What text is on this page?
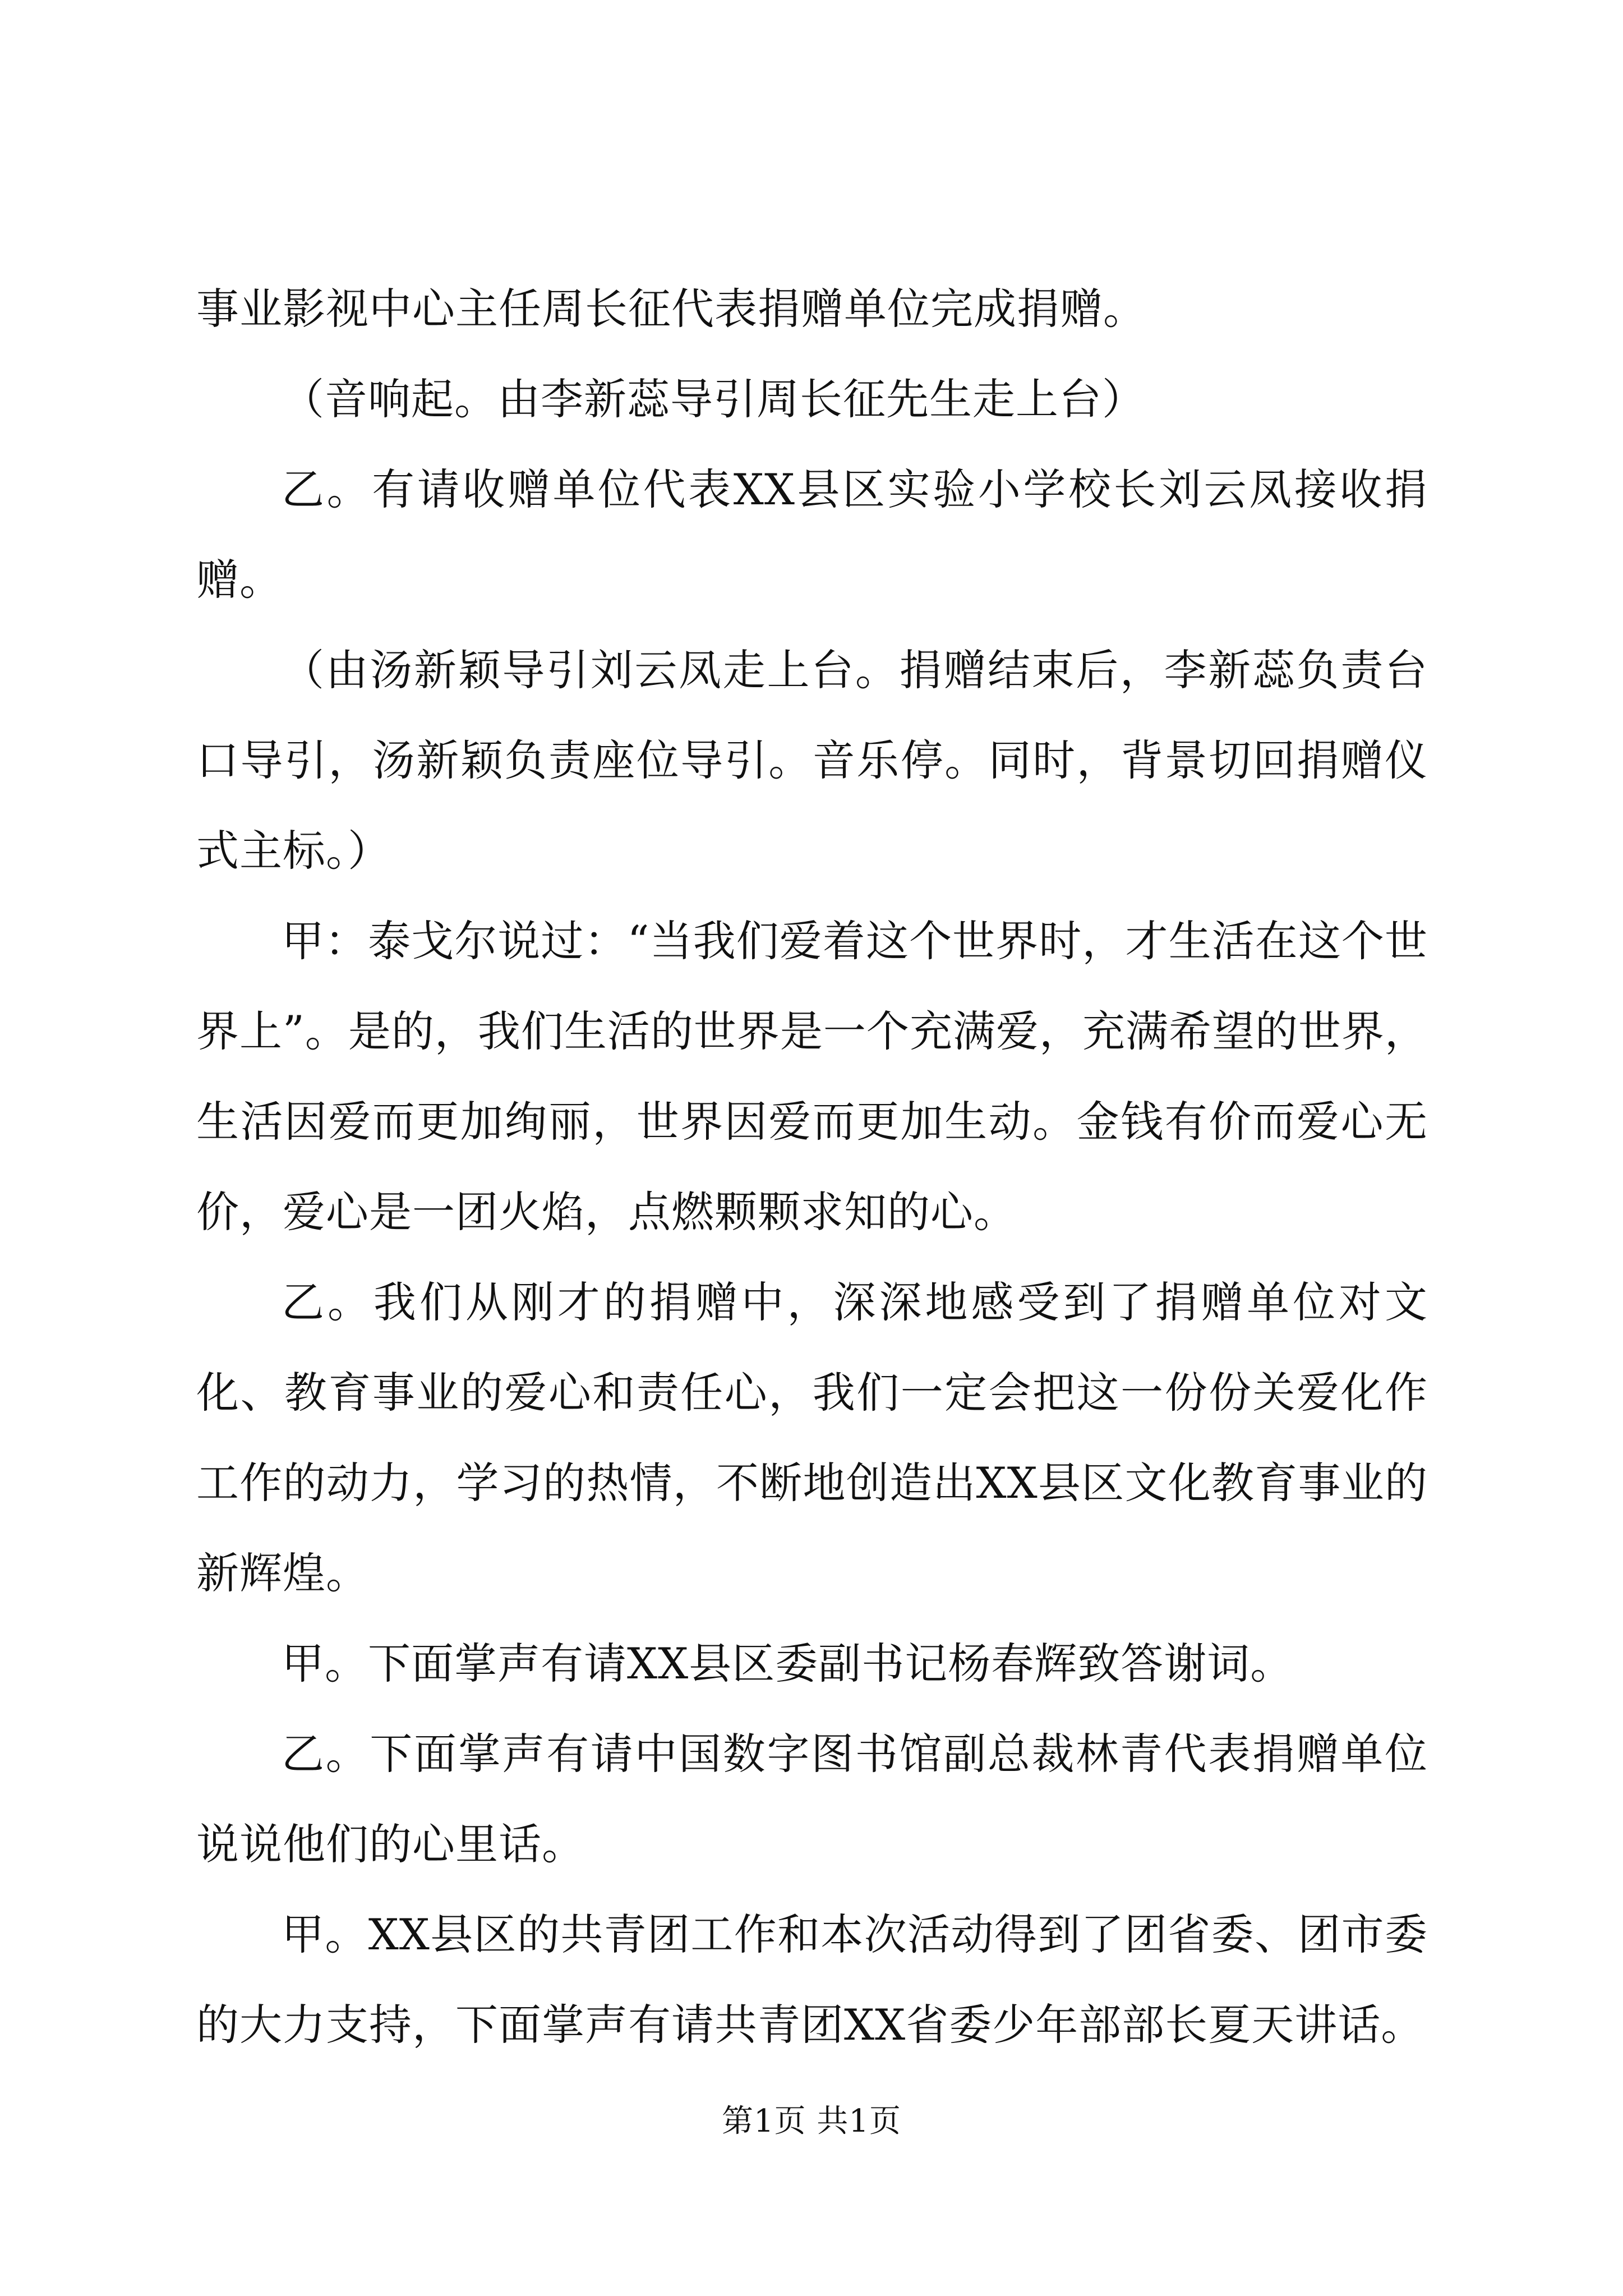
事业影视中心主任周长征代表捐赠单位完成捐赠。

（音响起。由李新蕊导引周长征先生走上台）

乙。有请收赠单位代表XX县区实验小学校长刘云凤接收捐赠。

（由汤新颖导引刘云凤走上台。捐赠结束后，李新蕊负责台口导引，汤新颖负责座位导引。音乐停。同时，背景切回捐赠仪式主标。）

甲：泰戈尔说过：“当我们爱着这个世界时，才生活在这个世界上”。是的，我们生活的世界是一个充满爱，充满希望的世界，生活因爱而更加绚丽，世界因爱而更加生动。金钱有价而爱心无价，爱心是一团火焰，点燃颗颗求知的心。

乙。我们从刚才的捐赠中，深深地感受到了捐赠单位对文化、教育事业的爱心和责任心，我们一定会把这一份份关爱化作工作的动力，学习的热情，不断地创造出XX县区文化教育事业的新辉煌。

甲。下面掌声有请XX县区委副书记杨春辉致答谢词。

乙。下面掌声有请中国数字图书馆副总裁林青代表捐赠单位说说他们的心里话。

甲。XX县区的共青团工作和本次活动得到了团省委、团市委的大力支持，下面掌声有请共青团XX省委少年部部长夏天讲话。

第1页 共1页
